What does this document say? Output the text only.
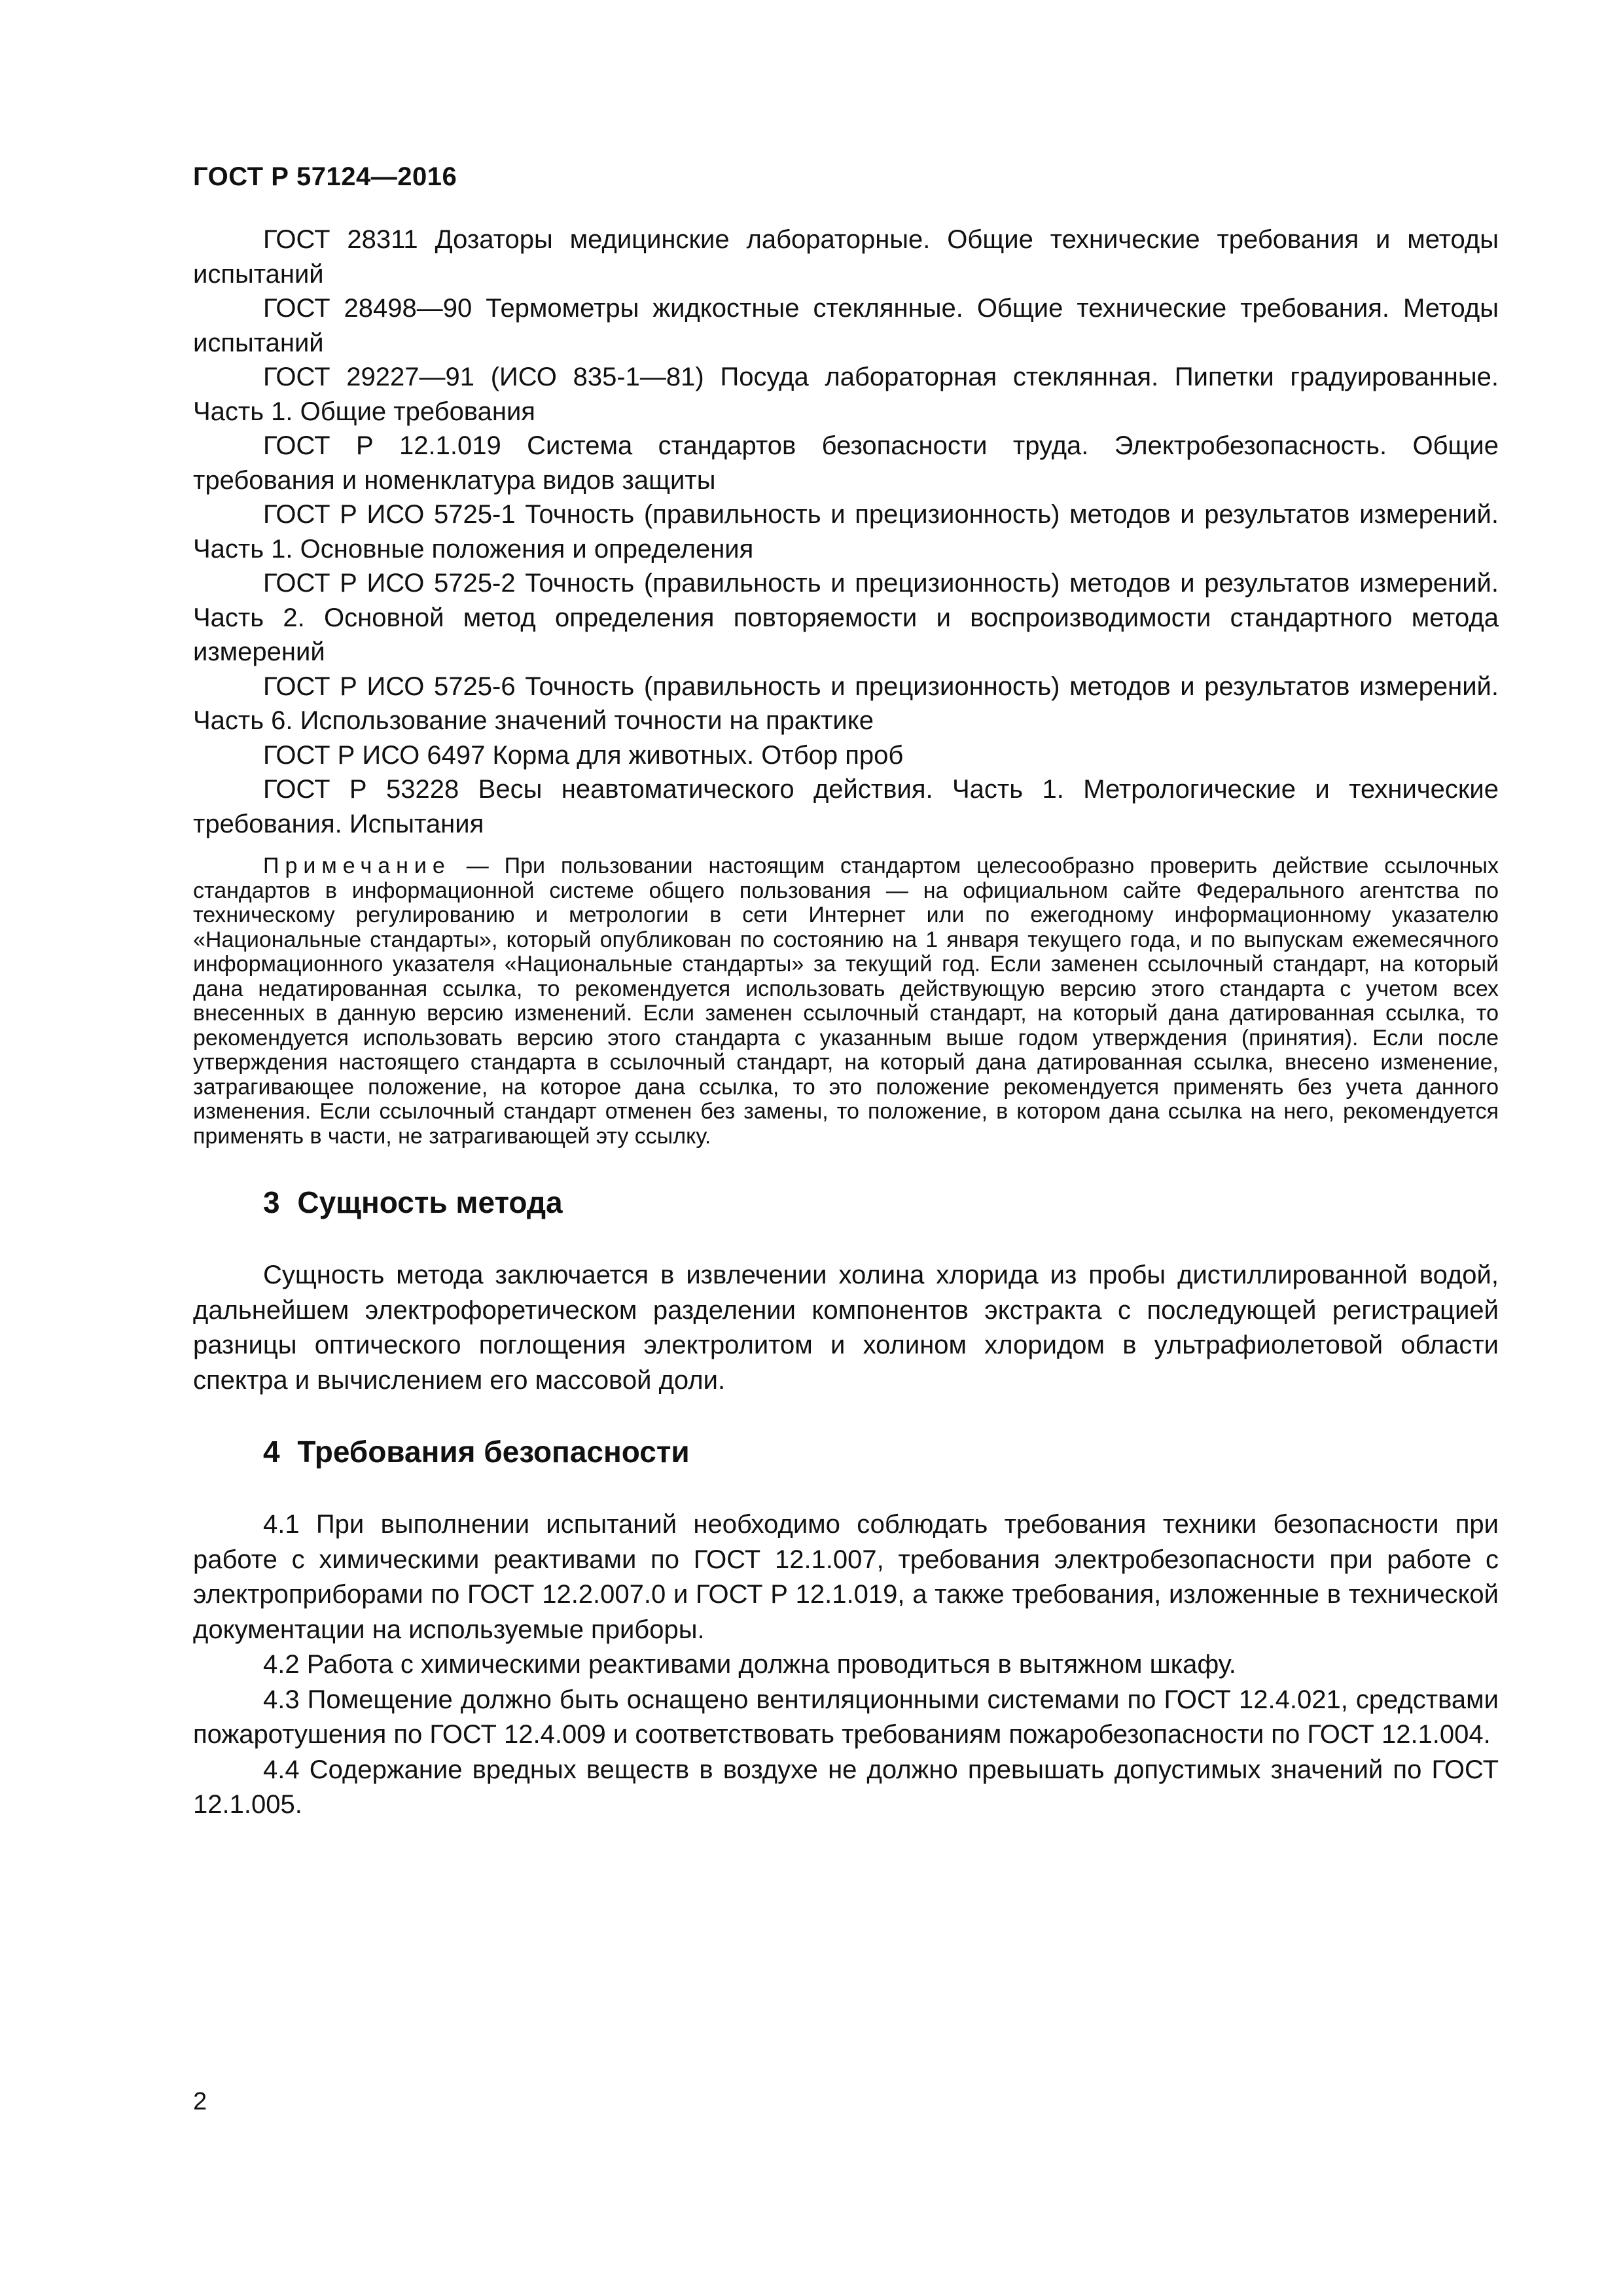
ГОСТ Р 57124—2016

ГОСТ 28311 Дозаторы медицинские лабораторные. Общие технические требования и методы испытаний

ГОСТ 28498—90 Термометры жидкостные стеклянные. Общие технические требования. Методы испытаний

ГОСТ 29227—91 (ИСО 835-1—81) Посуда лабораторная стеклянная. Пипетки градуированные. Часть 1. Общие требования

ГОСТ Р 12.1.019 Система стандартов безопасности труда. Электробезопасность. Общие требования и номенклатура видов защиты

ГОСТ Р ИСО 5725-1 Точность (правильность и прецизионность) методов и результатов измерений. Часть 1. Основные положения и определения

ГОСТ Р ИСО 5725-2 Точность (правильность и прецизионность) методов и результатов измерений. Часть 2. Основной метод определения повторяемости и воспроизводимости стандартного метода измерений

ГОСТ Р ИСО 5725-6 Точность (правильность и прецизионность) методов и результатов измерений. Часть 6. Использование значений точности на практике

ГОСТ Р ИСО 6497 Корма для животных. Отбор проб

ГОСТ Р 53228 Весы неавтоматического действия. Часть 1. Метрологические и технические требования. Испытания

Примечание — При пользовании настоящим стандартом целесообразно проверить действие ссылочных стандартов в информационной системе общего пользования — на официальном сайте Федерального агентства по техническому регулированию и метрологии в сети Интернет или по ежегодному информационному указателю «Национальные стандарты», который опубликован по состоянию на 1 января текущего года, и по выпускам ежемесячного информационного указателя «Национальные стандарты» за текущий год. Если заменен ссылочный стандарт, на который дана недатированная ссылка, то рекомендуется использовать действующую версию этого стандарта с учетом всех внесенных в данную версию изменений. Если заменен ссылочный стандарт, на который дана датированная ссылка, то рекомендуется использовать версию этого стандарта с указанным выше годом утверждения (принятия). Если после утверждения настоящего стандарта в ссылочный стандарт, на который дана датированная ссылка, внесено изменение, затрагивающее положение, на которое дана ссылка, то это положение рекомендуется применять без учета данного изменения. Если ссылочный стандарт отменен без замены, то положение, в котором дана ссылка на него, рекомендуется применять в части, не затрагивающей эту ссылку.

3 Сущность метода

Сущность метода заключается в извлечении холина хлорида из пробы дистиллированной водой, дальнейшем электрофоретическом разделении компонентов экстракта с последующей регистрацией разницы оптического поглощения электролитом и холином хлоридом в ультрафиолетовой области спектра и вычислением его массовой доли.

4 Требования безопасности

4.1 При выполнении испытаний необходимо соблюдать требования техники безопасности при работе с химическими реактивами по ГОСТ 12.1.007, требования электробезопасности при работе с электроприборами по ГОСТ 12.2.007.0 и ГОСТ Р 12.1.019, а также требования, изложенные в технической документации на используемые приборы.

4.2 Работа с химическими реактивами должна проводиться в вытяжном шкафу.

4.3 Помещение должно быть оснащено вентиляционными системами по ГОСТ 12.4.021, средствами пожаротушения по ГОСТ 12.4.009 и соответствовать требованиям пожаробезопасности по ГОСТ 12.1.004.

4.4 Содержание вредных веществ в воздухе не должно превышать допустимых значений по ГОСТ 12.1.005.

2
